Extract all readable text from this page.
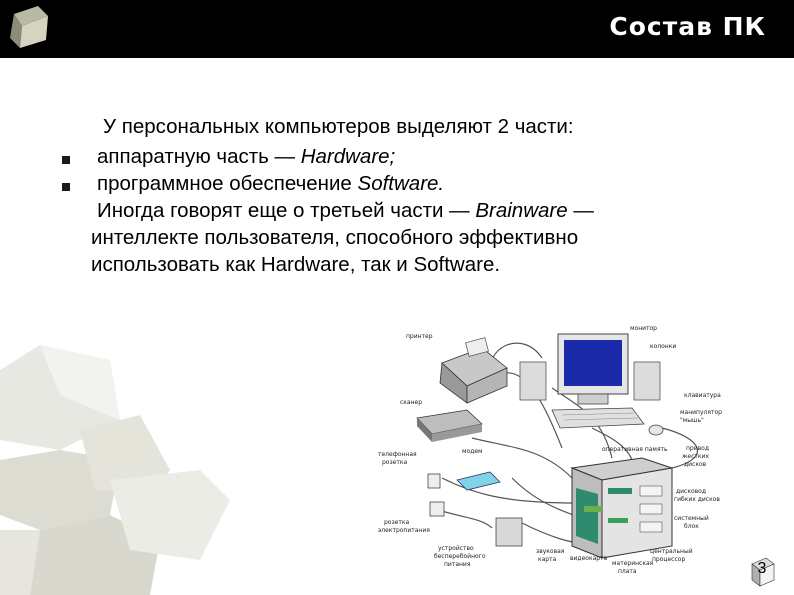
Состав ПК
У персональных компьютеров выделяют 2 части:
аппаратную часть — Hardware;
программное обеспечение Software.
Иногда говорят еще о третьей части — Brainware —
интеллекте пользователя, способного эффективно
использовать как Hardware, так и Software.
принтер
монитор
колонки
сканер
клавиатура
манипулятор
"мышь"
оперативная память
телефонная
розетка
модем	привод
жестких
дисков
дисковод
гибких дисков
розетка
электропитания
системный
блок
устройство
бесперебойного
питания
звуковая
карта видеокарта
материнская
плата
центральный
процессор
3
